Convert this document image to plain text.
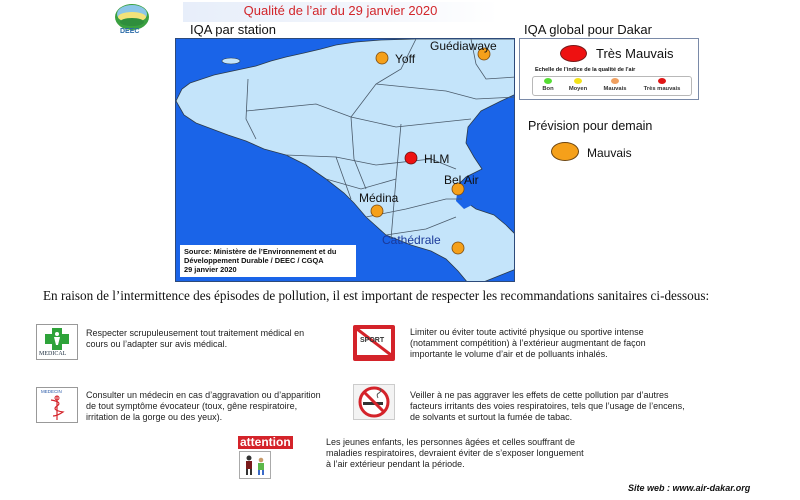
DEEC
Qualité de l’air du 29 janvier 2020
IQA par station
Yoff
Guédiawaye
HLM
Bel Air
Médina
Cathédrale
Source: Ministère de l’Environnement et du
Développement Durable / DEEC / CGQA
29 janvier 2020
IQA global pour Dakar
Très Mauvais
Echelle de l’indice de la qualité de l’air
Bon	Moyen	Mauvais	Très mauvais
Prévision pour demain
Mauvais
En raison de l’intermittence des épisodes de pollution, il est important de respecter les recommandations sanitaires ci-dessous:
MEDICAL
Respecter scrupuleusement tout traitement médical en cours ou l’adapter sur avis médical.	SPORT
Limiter ou éviter toute activité physique ou sportive intense (notamment compétition) à l’extérieur augmentant de façon importante le volume d’air et de polluants inhalés.
MEDECIN	Consulter un médecin en cas d’aggravation ou d’apparition de tout symptôme évocateur (toux, gêne respiratoire, irritation de la gorge ou des yeux).
Veiller à ne pas aggraver les effets de cette pollution par d’autres facteurs irritants des voies respiratoires, tels que l’usage de l’encens, de solvants et surtout la fumée de tabac.
attention	Les jeunes enfants, les personnes âgées et celles souffrant de maladies respiratoires, devraient éviter de s’exposer longuement à l’air extérieur pendant la période.
Site web : www.air-dakar.org
